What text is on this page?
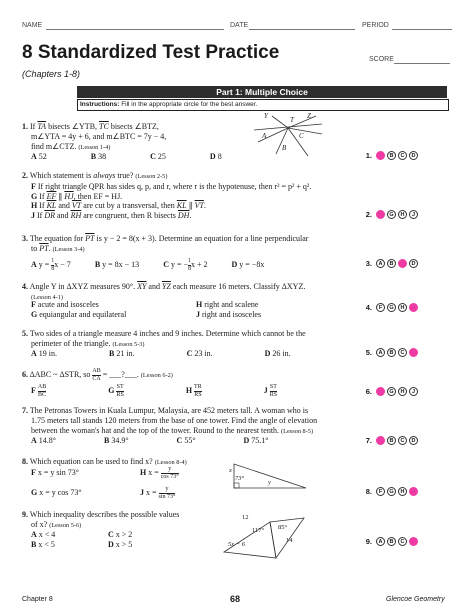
NAME	DATE	PERIOD
8 Standardized Test Practice	SCORE
(Chapters 1-8)
Part 1: Multiple Choice
Instructions: Fill in the appropriate circle for the best answer.
1. If $\overline{TA}$ bisects ∠YTB, $\overline{TC}$ bisects ∠BTZ,
m∠YTA = 4y + 6, and m∠BTC = 7y − 4,
find m∠CTZ. (Lesson 1-4)
A 52	B 38	C 25	D 8
Y	T Z
A	C
B
2. Which statement is always true? (Lesson 2-5)
F If right triangle QPR has sides q, p, and r, where r is the hypotenuse, then r² = p² + q².
G If $\overline{EF}$ ∥ $\overline{HJ}$, then EF = HJ.
H If $\overline{KL}$ and $\overline{VT}$ are cut by a transversal, then $\overline{KL}$ ∥ $\overline{VT}$.
J If $\overline{DR}$ and $\overline{RH}$ are congruent, then R bisects $\overline{DH}$.
3. The equation for $\overline{PT}$ is y − 2 = 8(x + 3). Determine an equation for a line perpendicular
to $\overline{PT}$. (Lesson 3-4)
A $y = \frac{1}{8}$ x − 7	B y = 8x − 13	C y = − $\frac{1}{8}$ x + 2	D y = −8x
4. Angle Y in ΔXYZ measures 90°. $\overline{XY}$ and $\overline{YZ}$ each measure 16 meters. Classify ΔXYZ.
(Lesson 4-1)
F acute and isosceles
G equiangular and equilateral
H right and scalene
J right and isosceles
5. Two sides of a triangle measure 4 inches and 9 inches. Determine which cannot be the
perimeter of the triangle. (Lesson 5-3)
A 19 in.	B 21 in.	C 23 in.	D 26 in.
6. ΔABC ~ ΔSTR, so $\frac{AB}{CA}$ = ___?___. (Lesson 6-2)
F $\frac{AB}{BC}$	G $\frac{ST}{RS}$	H $\frac{TR}{RS}$	J $\frac{ST}{RS}$
7. The Petronas Towers in Kuala Lumpur, Malaysia, are 452 meters tall. A woman who is
1.75 meters tall stands 120 meters from the base of one tower. Find the angle of elevation
between the woman's hat and the top of the tower. Round to the nearest tenth. (Lesson 8-5)
A 14.8°	B 34.9°	C 55°	D 75.1°
8. Which equation can be used to find x? (Lesson 8-4)
F x = y sin 73°

G x = y cos 73°
H $x = \frac{y}{\cos 73^\circ}$

J $x = \frac{y}{\sin 73^\circ}$
73°
x
y
9. Which inequality describes the possible values
of x? (Lesson 5-6)
A x < 4
B x < 5
C x > 2
D x > 5
12
117° 85°
14
5x − 6
1.	B	C	D
2.	G	H	J
3.	A	B	D
4.	F	G	H
5.	A	B	C
6.	G	H	J
7.	B	C	D
8.	F	G	H
9.	A	B	C
Chapter 8	68	Glencoe Geometry
